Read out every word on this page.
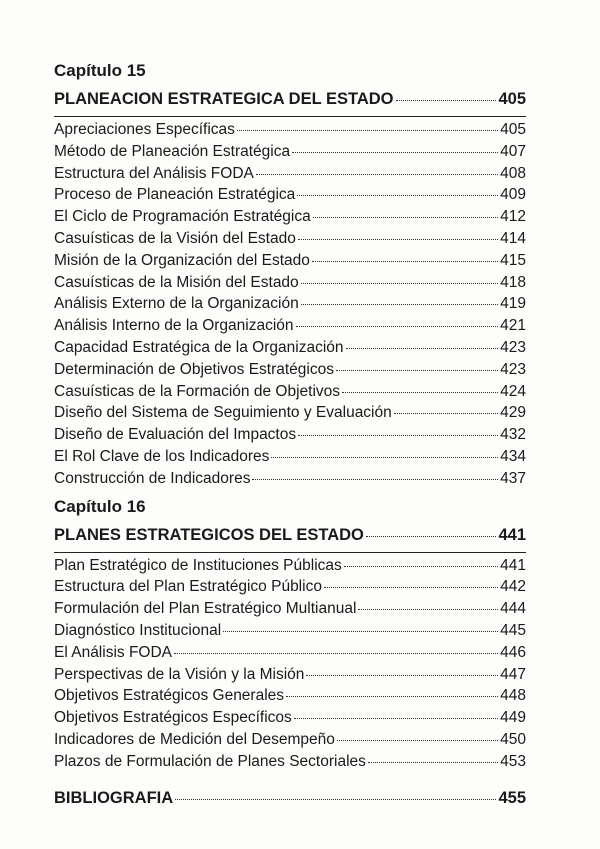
Capítulo 15
PLANEACION ESTRATEGICA DEL ESTADO	405
Apreciaciones Específicas	405
Método de Planeación Estratégica	407
Estructura del Análisis FODA	408
Proceso de Planeación Estratégica	409
El Ciclo de Programación Estratégica	412
Casuísticas de la Visión del Estado	414
Misión de la Organización del Estado	415
Casuísticas de la Misión del Estado	418
Análisis Externo de la Organización	419
Análisis Interno de la Organización	421
Capacidad Estratégica de la Organización	423
Determinación de Objetivos Estratégicos	423
Casuísticas de la Formación de Objetivos	424
Diseño del Sistema de Seguimiento y Evaluación	429
Diseño de Evaluación del Impactos	432
El Rol Clave de los Indicadores	434
Construcción de Indicadores	437
Capítulo 16
PLANES ESTRATEGICOS DEL ESTADO	441
Plan Estratégico de Instituciones Públicas	441
Estructura del Plan Estratégico Público	442
Formulación del Plan Estratégico Multianual	444
Diagnóstico Institucional	445
El Análisis FODA	446
Perspectivas de la Visión y la Misión	447
Objetivos Estratégicos Generales	448
Objetivos Estratégicos Específicos	449
Indicadores de Medición del Desempeño	450
Plazos de Formulación de Planes Sectoriales	453
BIBLIOGRAFIA	455
